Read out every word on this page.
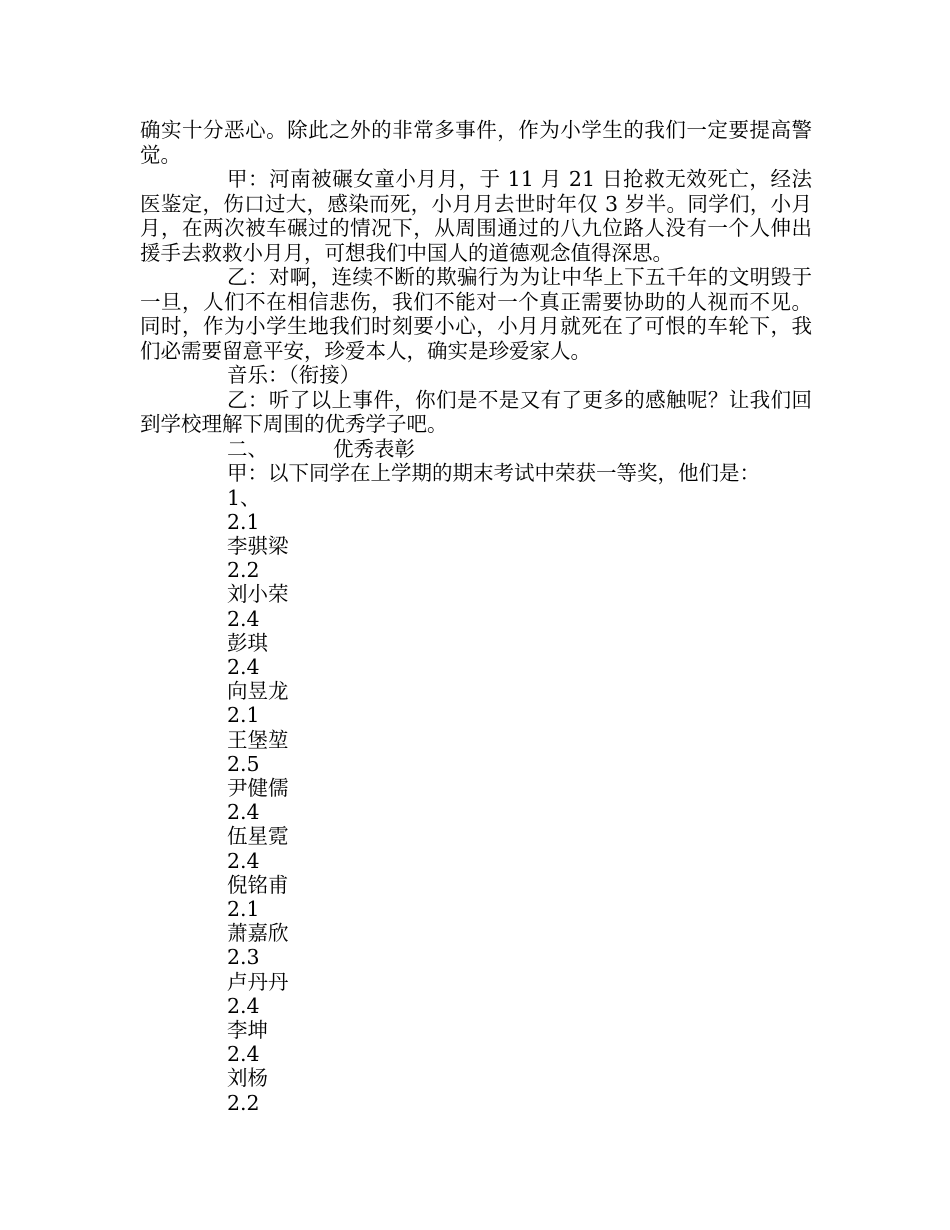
确实十分恶心。除此之外的非常多事件，作为小学生的我们一定要提高警觉。

甲：河南被碾女童小月月，于 11 月 21 日抢救无效死亡，经法医鉴定，伤口过大，感染而死，小月月去世时年仅 3 岁半。同学们，小月月，在两次被车碾过的情况下，从周围通过的八九位路人没有一个人伸出援手去救救小月月，可想我们中国人的道德观念值得深思。

乙：对啊，连续不断的欺骗行为为让中华上下五千年的文明毁于一旦，人们不在相信悲伤，我们不能对一个真正需要协助的人视而不见。同时，作为小学生地我们时刻要小心，小月月就死在了可恨的车轮下，我们必需要留意平安，珍爱本人，确实是珍爱家人。

音乐：（衔接）

乙：听了以上事件，你们是不是又有了更多的感触呢？让我们回到学校理解下周围的优秀学子吧。

二、	优秀表彰
甲：以下同学在上学期的期末考试中荣获一等奖，他们是：
1、
2.1
李骐梁
2.2
刘小荣
2.4
彭琪
2.4
向昱龙
2.1
王堡堃
2.5
尹健儒
2.4
伍星霓
2.4
倪铭甫
2.1
萧嘉欣
2.3
卢丹丹
2.4
李坤
2.4
刘杨
2.2
